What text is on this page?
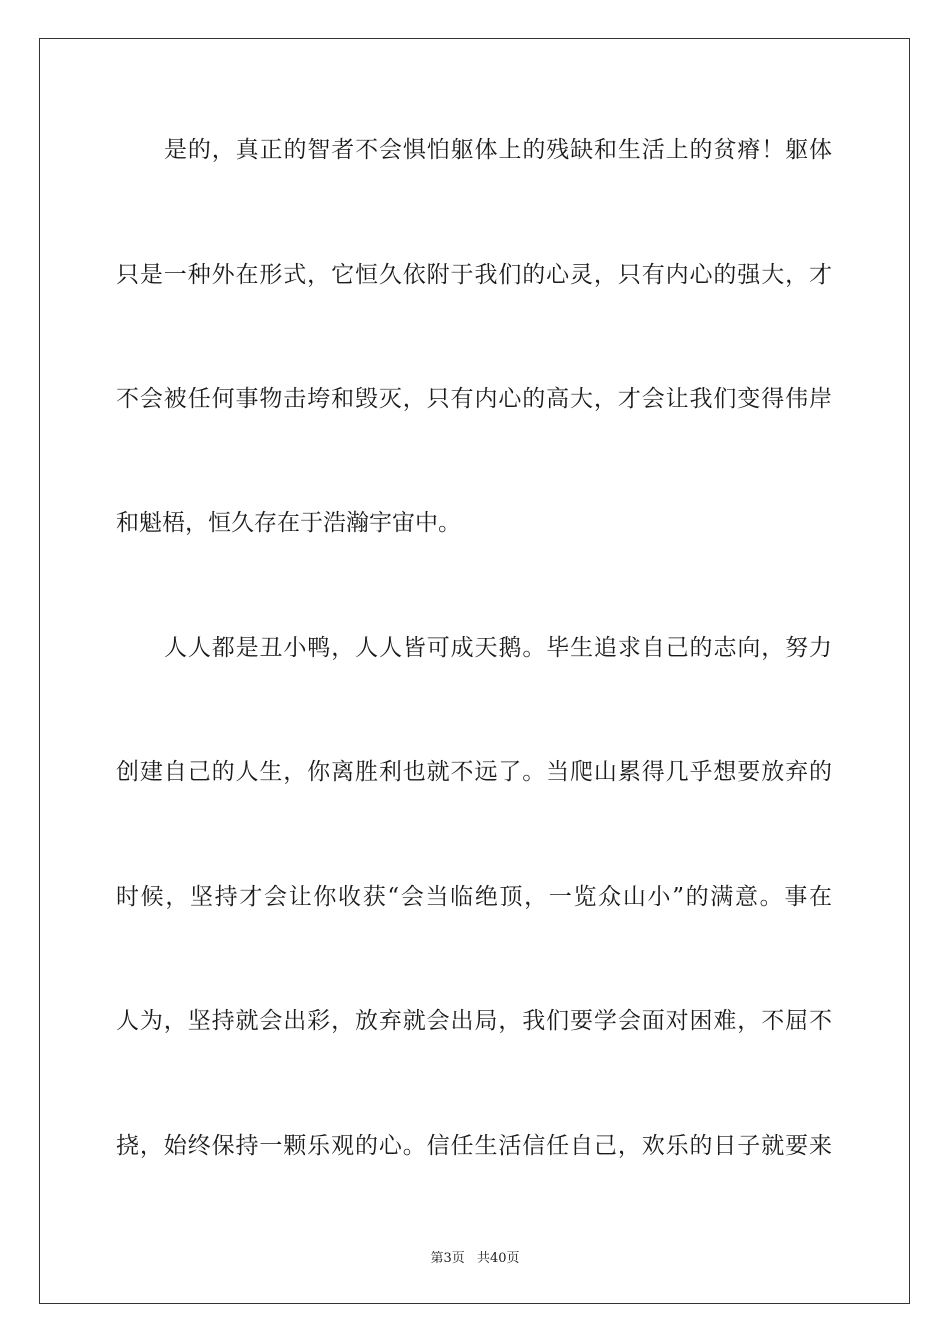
是的，真正的智者不会惧怕躯体上的残缺和生活上的贫瘠！躯体
只是一种外在形式，它恒久依附于我们的心灵，只有内心的强大，才
不会被任何事物击垮和毁灭，只有内心的高大，才会让我们变得伟岸
和魁梧，恒久存在于浩瀚宇宙中。
人人都是丑小鸭，人人皆可成天鹅。毕生追求自己的志向，努力
创建自己的人生，你离胜利也就不远了。当爬山累得几乎想要放弃的
时候，坚持才会让你收获“会当临绝顶，一览众山小”的满意。事在
人为，坚持就会出彩，放弃就会出局，我们要学会面对困难，不屈不
挠，始终保持一颗乐观的心。信任生活信任自己，欢乐的日子就要来
第3页 共40页
